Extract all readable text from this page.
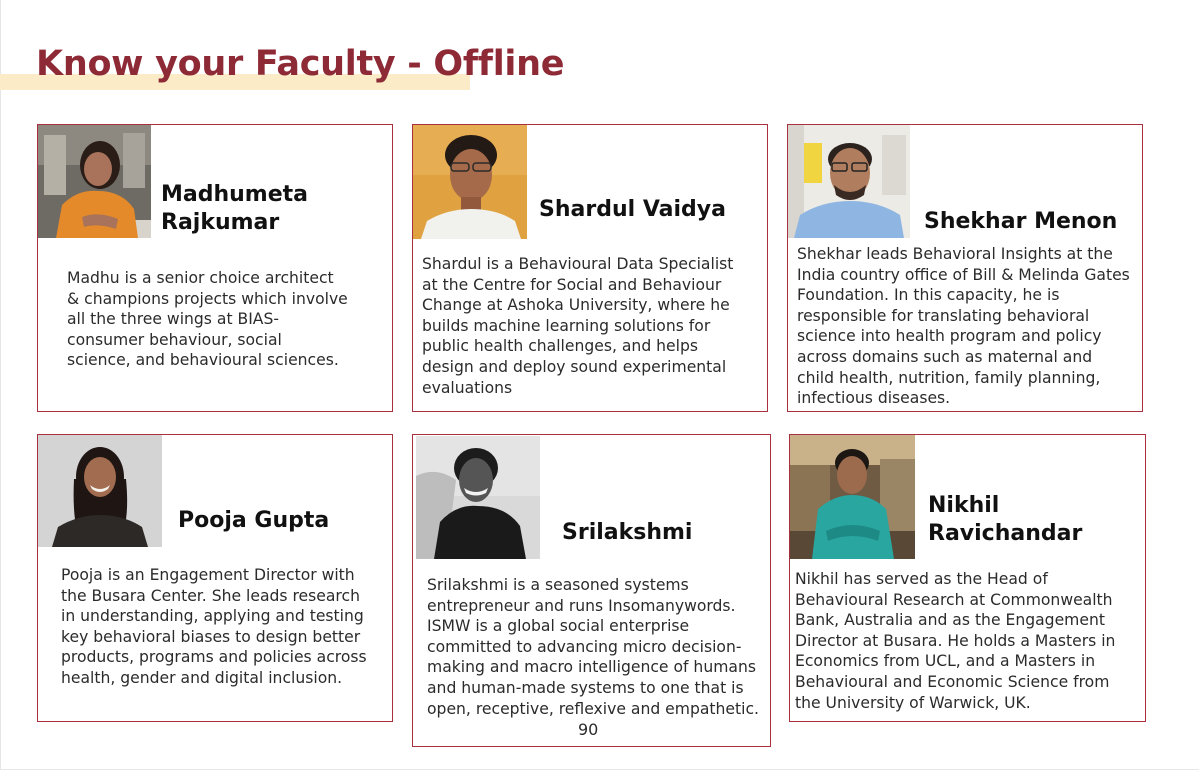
Know your Faculty - Offline
Madhumeta
Rajkumar

Madhu is a senior choice architect & champions projects which involve all the three wings at BIAS- consumer behaviour, social science, and behavioural sciences.

Shardul Vaidya

Shardul is a Behavioural Data Specialist at the Centre for Social and Behaviour Change at Ashoka University, where he builds machine learning solutions for public health challenges, and helps design and deploy sound experimental evaluations

Shekhar Menon

Shekhar leads Behavioral Insights at the India country office of Bill & Melinda Gates Foundation. In this capacity, he is responsible for translating behavioral science into health program and policy across domains such as maternal and child health, nutrition, family planning, infectious diseases.

Pooja Gupta

Pooja is an Engagement Director with the Busara Center. She leads research in understanding, applying and testing key behavioral biases to design better products, programs and policies across health, gender and digital inclusion.

Srilakshmi

Srilakshmi is a seasoned systems entrepreneur and runs Insomanywords. ISMW is a global social enterprise committed to advancing micro decision-making and macro intelligence of humans and human-made systems to one that is open, receptive, reflexive and empathetic.

90
Nikhil
Ravichandar

Nikhil has served as the Head of Behavioural Research at Commonwealth Bank, Australia and as the Engagement Director at Busara. He holds a Masters in Economics from UCL, and a Masters in Behavioural and Economic Science from the University of Warwick, UK.
